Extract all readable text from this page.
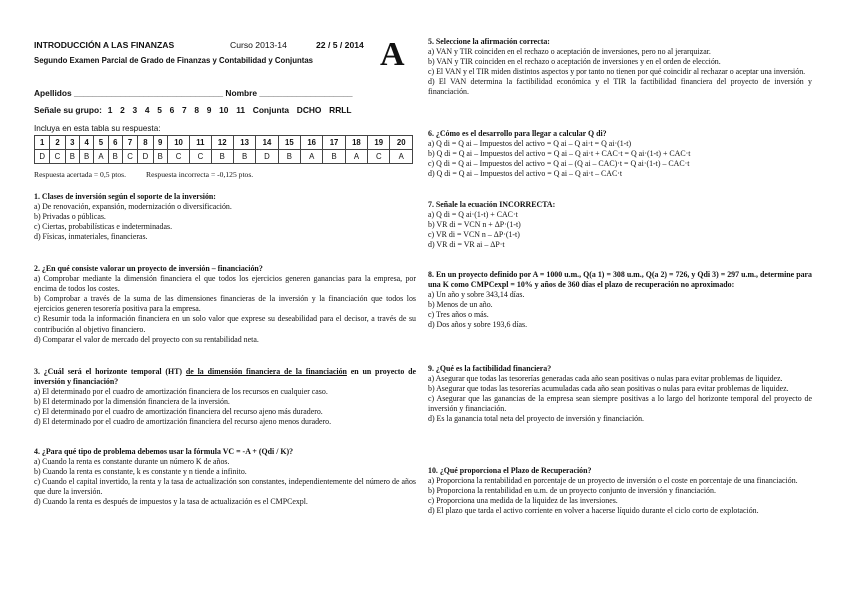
INTRODUCCIÓN A LAS FINANZAS	Curso 2013-14	22 / 5 / 2014
Segundo Examen Parcial de Grado de Finanzas y Contabilidad y Conjuntas A
Apellidos ________________________________ Nombre ____________________
Señale su grupo: 1 2 3 4 5 6 7 8 9 10 11 Conjunta DCHO RRLL
Incluya en esta tabla su respuesta:
1	2	3	4	5	6	7	8	9	10	11	12	13	14	15	16	17	18	19	20
D	C	B	B	A	B	C	D	B	C	C	B	B	D	B	A	B	A	C	A
Respuesta acertada = 0,5 ptos.	Respuesta incorrecta = -0,125 ptos.

1. Clases de inversión según el soporte de la inversión:

a) De renovación, expansión, modernización o diversificación.

b) Privadas o públicas.

c) Ciertas, probabilísticas e indeterminadas.

d) Físicas, inmateriales, financieras.

2. ¿En qué consiste valorar un proyecto de inversión – financiación?

a) Comprobar mediante la dimensión financiera el que todos los ejercicios generen ganancias para la empresa, por encima de todos los costes.

b) Comprobar a través de la suma de las dimensiones financieras de la inversión y la financiación que todos los ejercicios generen tesorería positiva para la empresa.

c) Resumir toda la información financiera en un solo valor que exprese su deseabilidad para el decisor, a través de su contribución al objetivo financiero.

d) Comparar el valor de mercado del proyecto con su rentabilidad neta.

3. ¿Cuál será el horizonte temporal (HT) de la dimensión financiera de la financiación en un proyecto de inversión y financiación?

a) El determinado por el cuadro de amortización financiera de los recursos en cualquier caso.

b) El determinado por la dimensión financiera de la inversión.

c) El determinado por el cuadro de amortización financiera del recurso ajeno más duradero.

d) El determinado por el cuadro de amortización financiera del recurso ajeno menos duradero.

4. ¿Para qué tipo de problema debemos usar la fórmula VC = -A + (Qdi / K)?

a) Cuando la renta es constante durante un número K de años.

b) Cuando la renta es constante, k es constante y n tiende a infinito.

c) Cuando el capital invertido, la renta y la tasa de actualización son constantes, independientemente del número de años que dure la inversión.

d) Cuando la renta es después de impuestos y la tasa de actualización es el CMPCexpl.

5. Seleccione la afirmación correcta:

a) VAN y TIR coinciden en el rechazo o aceptación de inversiones, pero no al jerarquizar.

b) VAN y TIR coinciden en el rechazo o aceptación de inversiones y en el orden de elección.

c) El VAN y el TIR miden distintos aspectos y por tanto no tienen por qué coincidir al rechazar o aceptar una inversión.

d) El VAN determina la factibilidad económica y el TIR la factibilidad financiera del proyecto de inversión y financiación.

6. ¿Cómo es el desarrollo para llegar a calcular Q di?

a) Q di = Q ai – Impuestos del activo = Q ai – Q ai·t = Q ai·(1-t)

b) Q di = Q ai – Impuestos del activo = Q ai – Q ai·t + CAC·t = Q ai·(1-t) + CAC·t

c) Q di = Q ai – Impuestos del activo = Q ai – (Q ai – CAC)·t = Q ai·(1-t) – CAC·t

d) Q di = Q ai – Impuestos del activo = Q ai – Q ai·t – CAC·t

7. Señale la ecuación INCORRECTA:

a) Q di = Q ai·(1-t) + CAC·t

b) VR di = VCN n + ΔP·(1-t)

c) VR di = VCN n – ΔP·(1-t)

d) VR di = VR ai – ΔP·t

8. En un proyecto definido por A = 1000 u.m., Q(a 1) = 308 u.m., Q(a 2) = 726, y Qdi 3) = 297 u.m., determine para una K como CMPCexpl = 10% y años de 360 días el plazo de recuperación no aproximado:

a) Un año y sobre 343,14 días.

b) Menos de un año.

c) Tres años o más.

d) Dos años y sobre 193,6 días.

9. ¿Qué es la factibilidad financiera?

a) Asegurar que todas las tesorerías generadas cada año sean positivas o nulas para evitar problemas de liquidez.

b) Asegurar que todas las tesorerías acumuladas cada año sean positivas o nulas para evitar problemas de liquidez.

c) Asegurar que las ganancias de la empresa sean siempre positivas a lo largo del horizonte temporal del proyecto de inversión y financiación.

d) Es la ganancia total neta del proyecto de inversión y financiación.

10. ¿Qué proporciona el Plazo de Recuperación?

a) Proporciona la rentabilidad en porcentaje de un proyecto de inversión o el coste en porcentaje de una financiación.

b) Proporciona la rentabilidad en u.m. de un proyecto conjunto de inversión y financiación.

c) Proporciona una medida de la liquidez de las inversiones.

d) El plazo que tarda el activo corriente en volver a hacerse líquido durante el ciclo corto de explotación.
